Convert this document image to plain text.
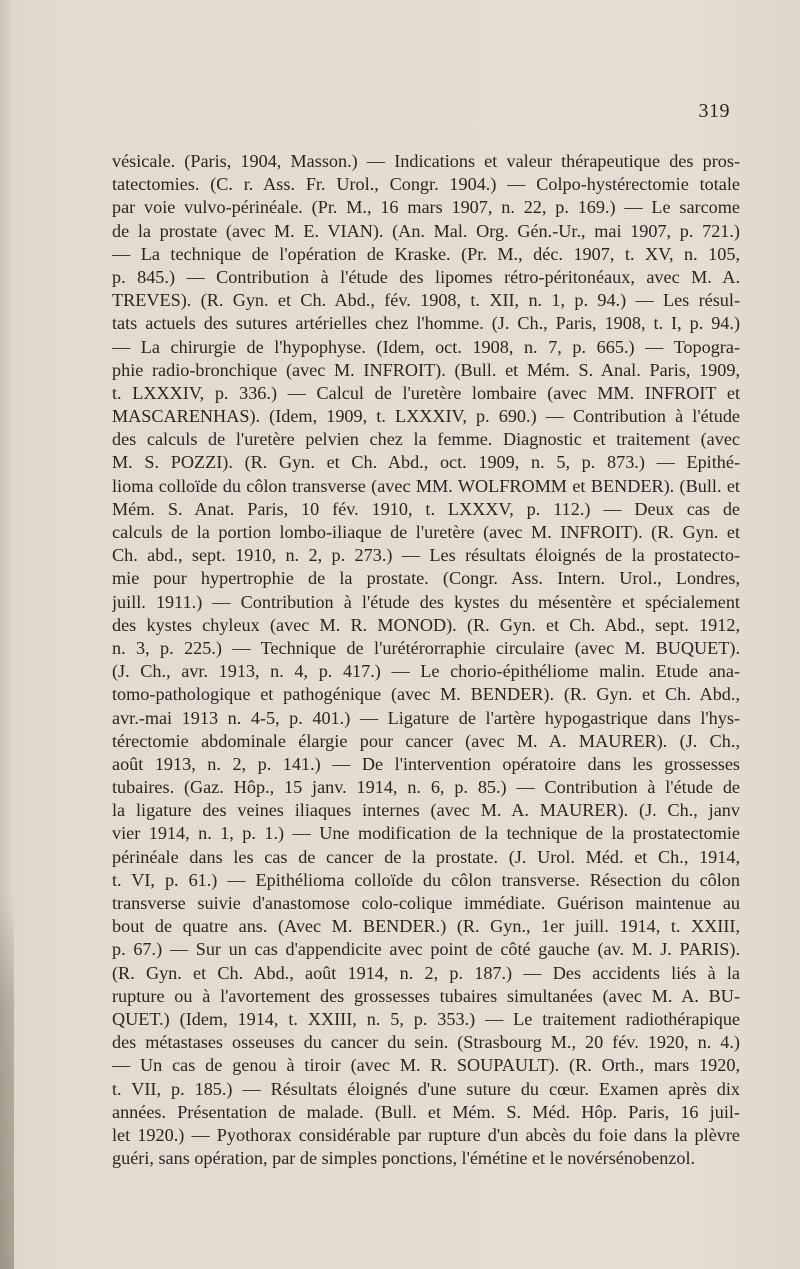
319
vésicale. (Paris, 1904, Masson.) — Indications et valeur thérapeutique des pros-
tatectomies. (C. r. Ass. Fr. Urol., Congr. 1904.) — Colpo-hystérectomie totale
par voie vulvo-périnéale. (Pr. M., 16 mars 1907, n. 22, p. 169.) — Le sarcome
de la prostate (avec M. E. VIAN). (An. Mal. Org. Gén.-Ur., mai 1907, p. 721.)
— La technique de l'opération de Kraske. (Pr. M., déc. 1907, t. XV, n. 105,
p. 845.) — Contribution à l'étude des lipomes rétro-péritonéaux, avec M. A.
TREVES). (R. Gyn. et Ch. Abd., fév. 1908, t. XII, n. 1, p. 94.) — Les résul-
tats actuels des sutures artérielles chez l'homme. (J. Ch., Paris, 1908, t. I, p. 94.)
— La chirurgie de l'hypophyse. (Idem, oct. 1908, n. 7, p. 665.) — Topogra-
phie radio-bronchique (avec M. INFROIT). (Bull. et Mém. S. Anal. Paris, 1909,
t. LXXXIV, p. 336.) — Calcul de l'uretère lombaire (avec MM. INFROIT et
MASCARENHAS). (Idem, 1909, t. LXXXIV, p. 690.) — Contribution à l'étude
des calculs de l'uretère pelvien chez la femme. Diagnostic et traitement (avec
M. S. POZZI). (R. Gyn. et Ch. Abd., oct. 1909, n. 5, p. 873.) — Epithé-
lioma colloïde du côlon transverse (avec MM. WOLFROMM et BENDER). (Bull. et
Mém. S. Anat. Paris, 10 fév. 1910, t. LXXXV, p. 112.) — Deux cas de
calculs de la portion lombo-iliaque de l'uretère (avec M. INFROIT). (R. Gyn. et
Ch. abd., sept. 1910, n. 2, p. 273.) — Les résultats éloignés de la prostatecto-
mie pour hypertrophie de la prostate. (Congr. Ass. Intern. Urol., Londres,
juill. 1911.) — Contribution à l'étude des kystes du mésentère et spécialement
des kystes chyleux (avec M. R. MONOD). (R. Gyn. et Ch. Abd., sept. 1912,
n. 3, p. 225.) — Technique de l'urétérorraphie circulaire (avec M. BUQUET).
(J. Ch., avr. 1913, n. 4, p. 417.) — Le chorio-épithéliome malin. Etude ana-
tomo-pathologique et pathogénique (avec M. BENDER). (R. Gyn. et Ch. Abd.,
avr.-mai 1913 n. 4-5, p. 401.) — Ligature de l'artère hypogastrique dans l'hys-
térectomie abdominale élargie pour cancer (avec M. A. MAURER). (J. Ch.,
août 1913, n. 2, p. 141.) — De l'intervention opératoire dans les grossesses
tubaires. (Gaz. Hôp., 15 janv. 1914, n. 6, p. 85.) — Contribution à l'étude de
la ligature des veines iliaques internes (avec M. A. MAURER). (J. Ch., janv
vier 1914, n. 1, p. 1.) — Une modification de la technique de la prostatectomie
périnéale dans les cas de cancer de la prostate. (J. Urol. Méd. et Ch., 1914,
t. VI, p. 61.) — Epithélioma colloïde du côlon transverse. Résection du côlon
transverse suivie d'anastomose colo-colique immédiate. Guérison maintenue au
bout de quatre ans. (Avec M. BENDER.) (R. Gyn., 1er juill. 1914, t. XXIII,
p. 67.) — Sur un cas d'appendicite avec point de côté gauche (av. M. J. PARIS).
(R. Gyn. et Ch. Abd., août 1914, n. 2, p. 187.) — Des accidents liés à la
rupture ou à l'avortement des grossesses tubaires simultanées (avec M. A. BU-
QUET.) (Idem, 1914, t. XXIII, n. 5, p. 353.) — Le traitement radiothérapique
des métastases osseuses du cancer du sein. (Strasbourg M., 20 fév. 1920, n. 4.)
— Un cas de genou à tiroir (avec M. R. SOUPAULT). (R. Orth., mars 1920,
t. VII, p. 185.) — Résultats éloignés d'une suture du cœur. Examen après dix
années. Présentation de malade. (Bull. et Mém. S. Méd. Hôp. Paris, 16 juil-
let 1920.) — Pyothorax considérable par rupture d'un abcès du foie dans la plèvre
guéri, sans opération, par de simples ponctions, l'émétine et le novérsénobenzol.
